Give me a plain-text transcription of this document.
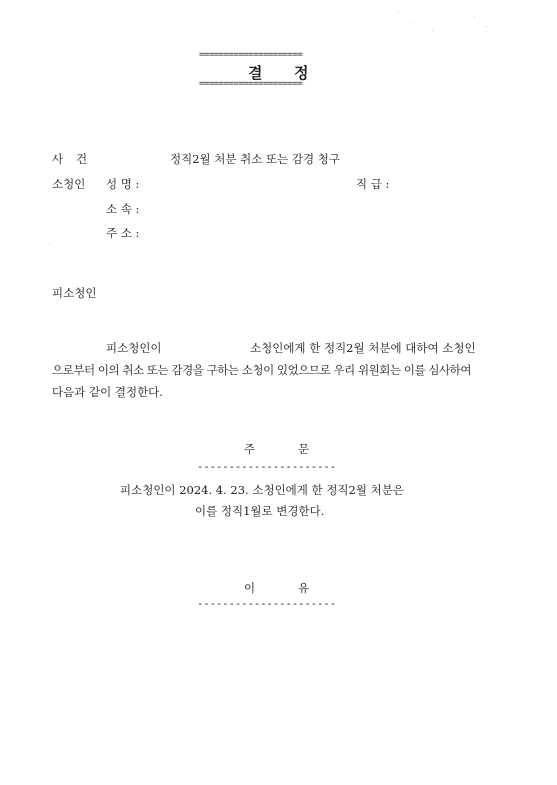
=====================
결 정
=====================
사 건	정직2월 처분 취소 또는 감경 청구
소청인 성 명 :	직 급 :
소 속 :
주 소 :
피소청인
피소청인이	소청인에게 한 정직2월 처분에 대하여 소청인
으로부터 이의 취소 또는 감경을 구하는 소청이 있었으므로 우리 위원회는 이를 심사하여
다음과 같이 결정한다.
주	문
----------------------
피소청인이 2024. 4. 23. 소청인에게 한 정직2월 처분은
이를 정직1월로 변경한다.
이	유
----------------------
